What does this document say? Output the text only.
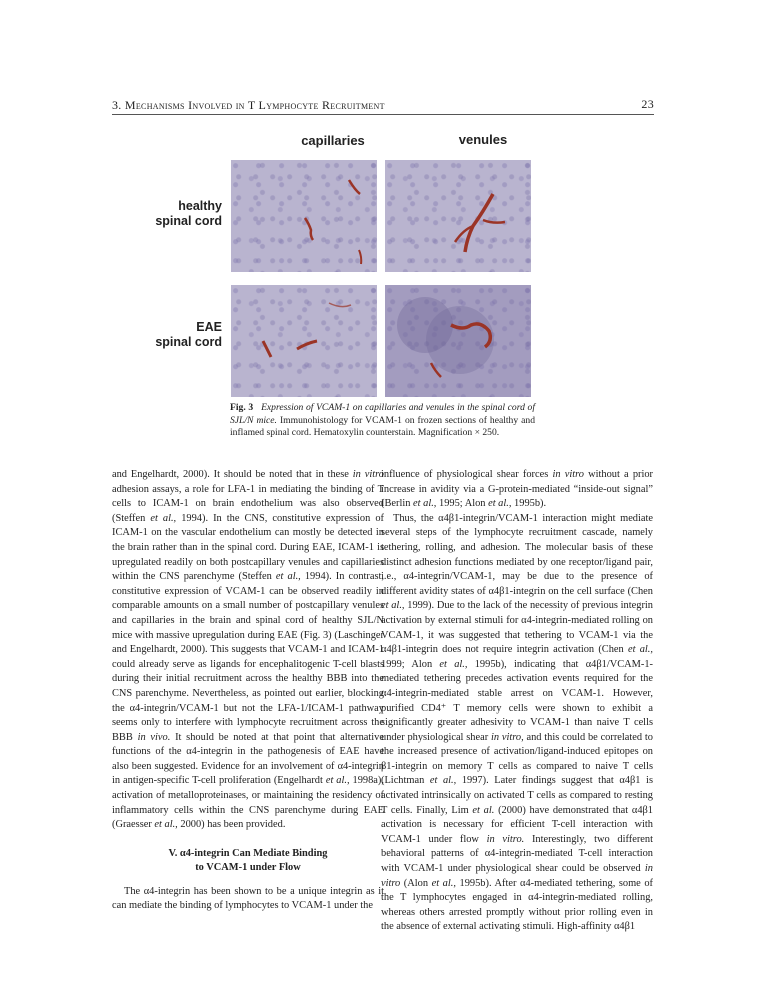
3. Mechanisms Involved in T Lymphocyte Recruitment	23
capillaries	venules
healthy
spinal cord
EAE
spinal cord
Fig. 3 Expression of VCAM-1 on capillaries and venules in the spinal cord of SJL/N mice. Immunohistology for VCAM-1 on frozen sections of healthy and inflamed spinal cord. Hematoxylin counterstain. Magnification × 250.

and Engelhardt, 2000). It should be noted that in these in vitro adhesion assays, a role for LFA-1 in mediating the binding of T cells to ICAM-1 on brain endothelium was also observed (Steffen et al., 1994). In the CNS, constitutive expression of ICAM-1 on the vascular endothelium can mostly be detected in the brain rather than in the spinal cord. During EAE, ICAM-1 is upregulated readily on both postcapillary venules and capillaries within the CNS parenchyme (Steffen et al., 1994). In contrast, constitutive expression of VCAM-1 can be observed readily in comparable amounts on a small number of postcapillary venules and capillaries in the brain and spinal cord of healthy SJL/N mice with massive upregulation during EAE (Fig. 3) (Laschinger and Engelhardt, 2000). This suggests that VCAM-1 and ICAM-1 could already serve as ligands for encephalitogenic T-cell blasts during their initial recruitment across the healthy BBB into the CNS parenchyme. Nevertheless, as pointed out earlier, blocking the α4-integrin/VCAM-1 but not the LFA-1/ICAM-1 pathway seems only to interfere with lymphocyte recruitment across the BBB in vivo. It should be noted at that point that alternative functions of the α4-integrin in the pathogenesis of EAE have also been suggested. Evidence for an involvement of α4-integrin in antigen-specific T-cell proliferation (Engelhardt et al., 1998a), activation of metalloproteinases, or maintaining the residency of inflammatory cells within the CNS parenchyme during EAE (Graesser et al., 2000) has been provided.

V. α4-integrin Can Mediate Binding
to VCAM-1 under Flow

The α4-integrin has been shown to be a unique integrin as it can mediate the binding of lymphocytes to VCAM-1 under the

influence of physiological shear forces in vitro without a prior increase in avidity via a G-protein-mediated “inside-out signal” (Berlin et al., 1995; Alon et al., 1995b).

Thus, the α4β1-integrin/VCAM-1 interaction might mediate several steps of the lymphocyte recruitment cascade, namely tethering, rolling, and adhesion. The molecular basis of these distinct adhesion functions mediated by one receptor/ligand pair, i.e., α4-integrin/VCAM-1, may be due to the presence of different avidity states of α4β1-integrin on the cell surface (Chen et al., 1999). Due to the lack of the necessity of previous integrin activation by external stimuli for α4-integrin-mediated rolling on VCAM-1, it was suggested that tethering to VCAM-1 via the α4β1-integrin does not require integrin activation (Chen et al., 1999; Alon et al., 1995b), indicating that α4β1/VCAM-1-mediated tethering precedes activation events required for the α4-integrin-mediated stable arrest on VCAM-1. However, purified CD4⁺ T memory cells were shown to exhibit a significantly greater adhesivity to VCAM-1 than naive T cells under physiological shear in vitro, and this could be correlated to the increased presence of activation/ligand-induced epitopes on β1-integrin on memory T cells as compared to naive T cells (Lichtman et al., 1997). Later findings suggest that α4β1 is activated intrinsically on activated T cells as compared to resting T cells. Finally, Lim et al. (2000) have demonstrated that α4β1 activation is necessary for efficient T-cell interaction with VCAM-1 under flow in vitro. Interestingly, two different behavioral patterns of α4-integrin-mediated T-cell interaction with VCAM-1 under physiological shear could be observed in vitro (Alon et al., 1995b). After α4-mediated tethering, some of the T lymphocytes engaged in α4-integrin-mediated rolling, whereas others arrested promptly without prior rolling even in the absence of external activating stimuli. High-affinity α4β1
